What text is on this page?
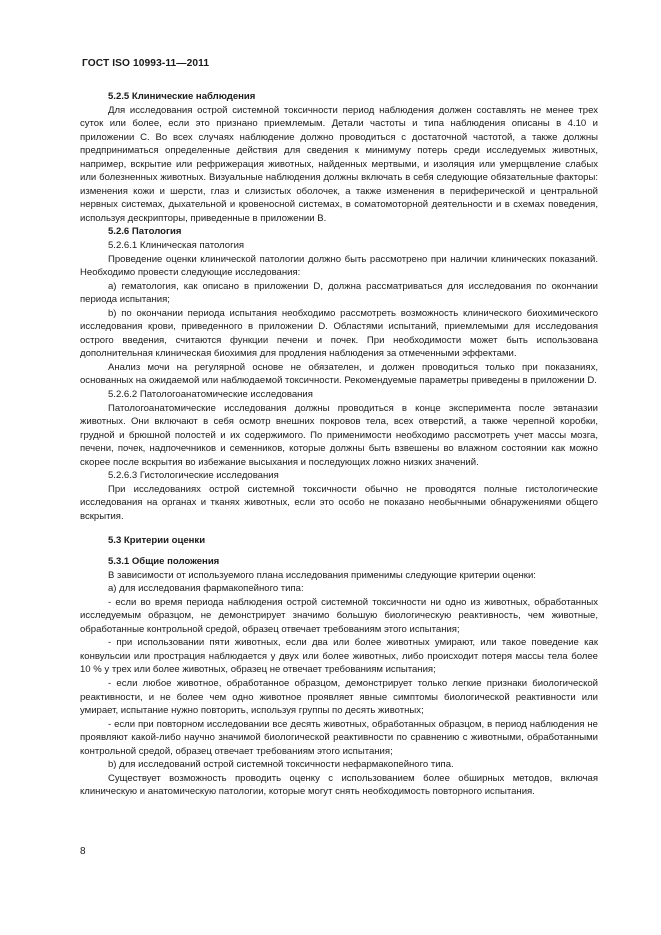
ГОСТ ISO 10993-11—2011

5.2.5 Клинические наблюдения

Для исследования острой системной токсичности период наблюдения должен составлять не менее трех суток или более, если это признано приемлемым. Детали частоты и типа наблюдения описаны в 4.10 и приложении С. Во всех случаях наблюдение должно проводиться с достаточной частотой, а также должны предприниматься определенные действия для сведения к минимуму потерь среди исследуемых животных, например, вскрытие или рефрижерация животных, найденных мертвыми, и изоляция или умерщвление слабых или болезненных животных. Визуальные наблюдения должны включать в себя следующие обязательные факторы: изменения кожи и шерсти, глаз и слизистых оболочек, а также изменения в периферической и центральной нервных системах, дыхательной и кровеносной системах, в соматомоторной деятельности и в схемах поведения, используя дескрипторы, приведенные в приложении В.

5.2.6 Патология

5.2.6.1 Клиническая патология

Проведение оценки клинической патологии должно быть рассмотрено при наличии клинических показаний. Необходимо провести следующие исследования:

а) гематология, как описано в приложении D, должна рассматриваться для исследования по окончании периода испытания;

b) по окончании периода испытания необходимо рассмотреть возможность клинического биохимического исследования крови, приведенного в приложении D. Областями испытаний, приемлемыми для исследования острого введения, считаются функции печени и почек. При необходимости может быть использована дополнительная клиническая биохимия для продления наблюдения за отмеченными эффектами.

Анализ мочи на регулярной основе не обязателен, и должен проводиться только при показаниях, основанных на ожидаемой или наблюдаемой токсичности. Рекомендуемые параметры приведены в приложении D.

5.2.6.2 Патологоанатомические исследования

Патологоанатомические исследования должны проводиться в конце эксперимента после эвтаназии животных. Они включают в себя осмотр внешних покровов тела, всех отверстий, а также черепной коробки, грудной и брюшной полостей и их содержимого. По применимости необходимо рассмотреть учет массы мозга, печени, почек, надпочечников и семенников, которые должны быть взвешены во влажном состоянии как можно скорее после вскрытия во избежание высыхания и последующих ложно низких значений.

5.2.6.3 Гистологические исследования

При исследованиях острой системной токсичности обычно не проводятся полные гистологические исследования на органах и тканях животных, если это особо не показано необычными обнаружениями общего вскрытия.

5.3 Критерии оценки

5.3.1 Общие положения

В зависимости от используемого плана исследования применимы следующие критерии оценки:

а) для исследования фармакопейного типа:

- если во время периода наблюдения острой системной токсичности ни одно из животных, обработанных исследуемым образцом, не демонстрирует значимо большую биологическую реактивность, чем животные, обработанные контрольной средой, образец отвечает требованиям этого испытания;

- при использовании пяти животных, если два или более животных умирают, или такое поведение как конвульсии или прострация наблюдается у двух или более животных, либо происходит потеря массы тела более 10 % у трех или более животных, образец не отвечает требованиям испытания;

- если любое животное, обработанное образцом, демонстрирует только легкие признаки биологической реактивности, и не более чем одно животное проявляет явные симптомы биологической реактивности или умирает, испытание нужно повторить, используя группы по десять животных;

- если при повторном исследовании все десять животных, обработанных образцом, в период наблюдения не проявляют какой-либо научно значимой биологической реактивности по сравнению с животными, обработанными контрольной средой, образец отвечает требованиям этого испытания;

b) для исследований острой системной токсичности нефармакопейного типа.

Существует возможность проводить оценку с использованием более обширных методов, включая клиническую и анатомическую патологии, которые могут снять необходимость повторного испытания.

8
